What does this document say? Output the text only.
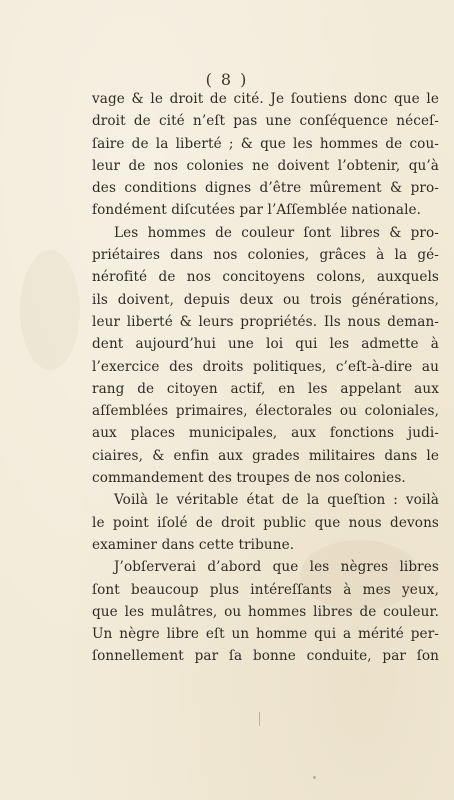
( 8 )
vage & le droit de cité. Je ſoutiens donc que le
droit de cité n’eſt pas une conſéquence néceſ-
ſaire de la liberté ; & que les hommes de cou-
leur de nos colonies ne doivent l’obtenir, qu’à
des conditions dignes d’être mûrement & pro-
fondément diſcutées par l’Aſſemblée nationale.
Les hommes de couleur ſont libres & pro-
priétaires dans nos colonies, grâces à la gé-
nérofité de nos concitoyens colons, auxquels
ils doivent, depuis deux ou trois générations,
leur liberté & leurs propriétés. Ils nous deman-
dent aujourd’hui une loi qui les admette à
l’exercice des droits politiques, c’eſt-à-dire au
rang de citoyen actif, en les appelant aux
aſſemblées primaires, électorales ou coloniales,
aux places municipales, aux fonctions judi-
ciaires, & enfin aux grades militaires dans le
commandement des troupes de nos colonies.
Voilà le véritable état de la queſtion : voilà
le point iſolé de droit public que nous devons
examiner dans cette tribune.
J’obſerverai d’abord que les nègres libres
ſont beaucoup plus intéreſſants à mes yeux,
que les mulâtres, ou hommes libres de couleur.
Un nègre libre eſt un homme qui a mérité per-
ſonnellement par ſa bonne conduite, par ſon
